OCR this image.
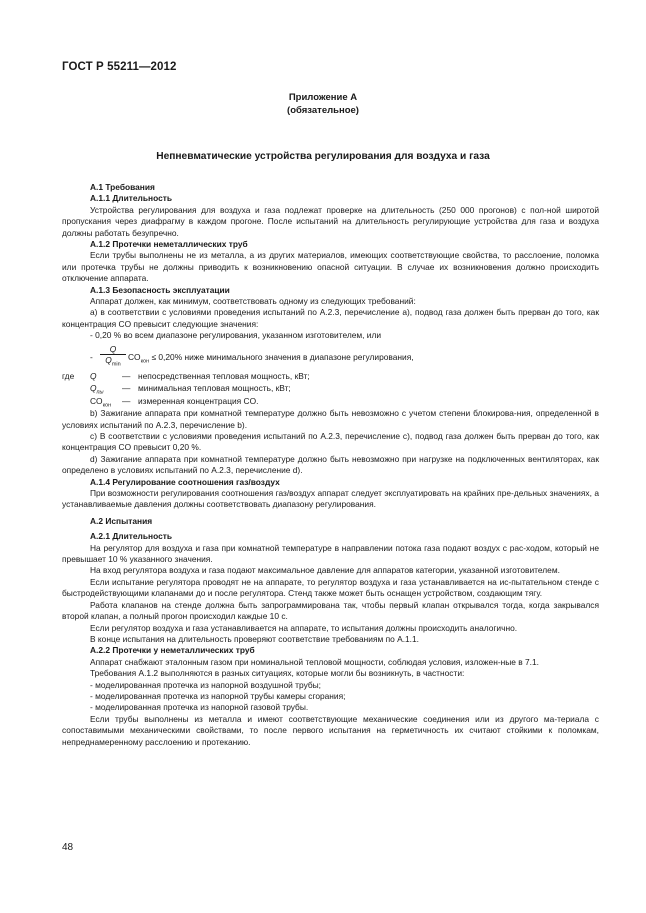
ГОСТ Р 55211—2012
Приложение А
(обязательное)
Непневматические устройства регулирования для воздуха и газа

А.1 Требования

А.1.1 Длительность

Устройства регулирования для воздуха и газа подлежат проверке на длительность (250 000 прогонов) с пол-ной широтой пропускания через диафрагму в каждом прогоне. После испытаний на длительность регулирующие устройства для газа и воздуха должны работать безупречно.

А.1.2 Протечки неметаллических труб

Если трубы выполнены не из металла, а из других материалов, имеющих соответствующие свойства, то расслоение, поломка или протечка трубы не должны приводить к возникновению опасной ситуации. В случае их возникновения должно происходить отключение аппарата.

А.1.3 Безопасность эксплуатации

Аппарат должен, как минимум, соответствовать одному из следующих требований:

а) в соответствии с условиями проведения испытаний по А.2.3, перечисление а), подвод газа должен быть прерван до того, как концентрация CO превысит следующие значения:

- 0,20 % во всем диапазоне регулирования, указанном изготовителем, или

-
Q
$Q_{min}$
$CO_{кон} \le 0,20\%$ ниже минимального значения в диапазоне регулирования,
где Q	— непосредственная тепловая мощность, кВт;
$Q_{пы}$ — минимальная тепловая мощность, кВт;
$CO_{кон}$ — измеренная концентрация CO.

b) Зажигание аппарата при комнатной температуре должно быть невозможно с учетом степени блокирова-ния, определенной в условиях испытаний по А.2.3, перечисление b).

c) В соответствии с условиями проведения испытаний по А.2.3, перечисление с), подвод газа должен быть прерван до того, как концентрация CO превысит 0,20 %.

d) Зажигание аппарата при комнатной температуре должно быть невозможно при нагрузке на подключенных вентиляторах, как определено в условиях испытаний по А.2.3, перечисление d).

А.1.4 Регулирование соотношения газ/воздух

При возможности регулирования соотношения газ/воздух аппарат следует эксплуатировать на крайних пре-дельных значениях, а устанавливаемые давления должны соответствовать диапазону регулирования.

А.2 Испытания

А.2.1 Длительность

На регулятор для воздуха и газа при комнатной температуре в направлении потока газа подают воздух с рас-ходом, который не превышает 10 % указанного значения.

На вход регулятора воздуха и газа подают максимальное давление для аппаратов категории, указанной изготовителем.

Если испытание регулятора проводят не на аппарате, то регулятор воздуха и газа устанавливается на ис-пытательном стенде с быстродействующими клапанами до и после регулятора. Стенд также может быть оснащен устройством, создающим тягу.

Работа клапанов на стенде должна быть запрограммирована так, чтобы первый клапан открывался тогда, когда закрывался второй клапан, а полный прогон происходил каждые 10 с.

Если регулятор воздуха и газа устанавливается на аппарате, то испытания должны происходить аналогично.

В конце испытания на длительность проверяют соответствие требованиям по А.1.1.

А.2.2 Протечки у неметаллических труб

Аппарат снабжают эталонным газом при номинальной тепловой мощности, соблюдая условия, изложен-ные в 7.1.

Требования А.1.2 выполняются в разных ситуациях, которые могли бы возникнуть, в частности:

- моделированная протечка из напорной воздушной трубы;

- моделированная протечка из напорной трубы камеры сгорания;

- моделированная протечка из напорной газовой трубы.

Если трубы выполнены из металла и имеют соответствующие механические соединения или из другого ма-териала с сопоставимыми механическими свойствами, то после первого испытания на герметичность их считают стойкими к поломкам, непреднамеренному расслоению и протеканию.

48
